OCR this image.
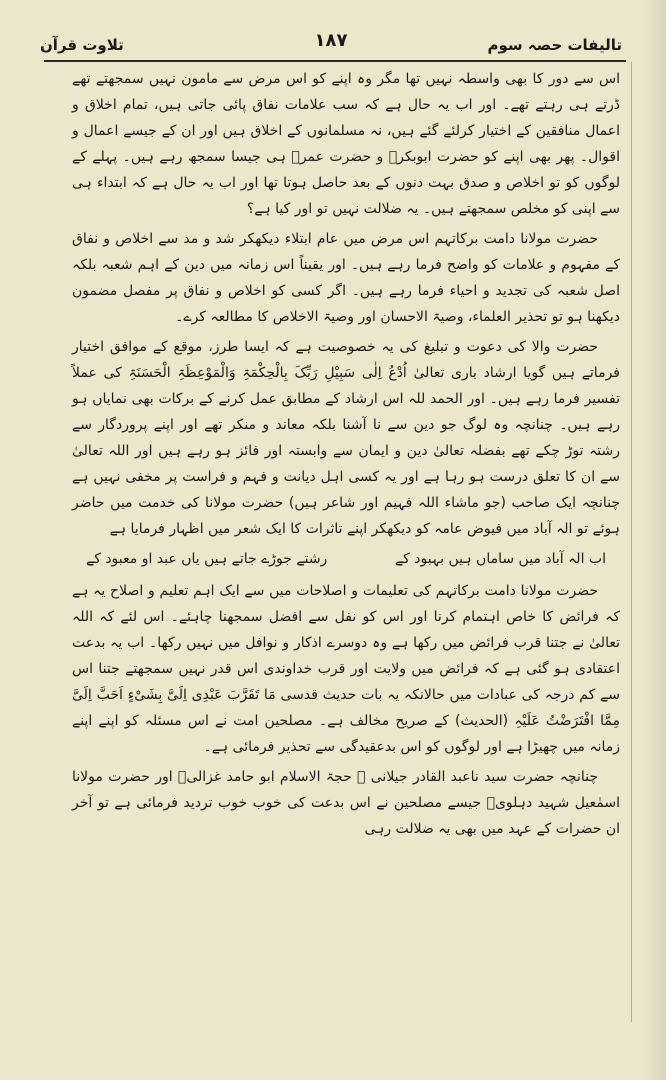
تالیفات حصہ سوم
۱۸۷
تلاوت قرآن

اس سے دور کا بھی واسطہ نہیں تھا مگر وہ اپنے کو اس مرض سے مامون نہیں سمجھتے تھے ڈرتے ہی رہتے تھے۔ اور اب یہ حال ہے کہ سب علامات نفاق پائی جاتی ہیں، تمام اخلاق و اعمال منافقین کے اختیار کرلئے گئے ہیں، نہ مسلمانوں کے اخلاق ہیں اور ان کے جیسے اعمال و اقوال۔ پھر بھی اپنے کو حضرت ابوبکرؓ و حضرت عمرؓ ہی جیسا سمجھ رہے ہیں۔ پہلے کے لوگوں کو تو اخلاص و صدق بہت دنوں کے بعد حاصل ہوتا تھا اور اب یہ حال ہے کہ ابتداء ہی سے اپنی کو مخلص سمجھتے ہیں۔ یہ ضلالت نہیں تو اور کیا ہے؟

حضرت مولانا دامت برکاتہم اس مرض میں عام ابتلاء دیکھکر شد و مد سے اخلاص و نفاق کے مفہوم و علامات کو واضح فرما رہے ہیں۔ اور یقیناً اس زمانہ میں دین کے اہم شعبہ بلکہ اصل شعبہ کی تجدید و احیاء فرما رہے ہیں۔ اگر کسی کو اخلاص و نفاق پر مفصل مضمون دیکھنا ہو تو تحذیر العلماء، وصیۃ الاحسان اور وصیۃ الاخلاص کا مطالعہ کرے۔

حضرت والا کی دعوت و تبلیغ کی یہ خصوصیت ہے کہ ایسا طرز، موقع کے موافق اختیار فرماتے ہیں گویا ارشاد باری تعالیٰ اُدْعُ اِلٰی سَبِیْلِ رَبِّکَ بِالْحِکْمَۃِ وَالْمَوْعِظَۃِ الْحَسَنَۃِ کی عملاً تفسیر فرما رہے ہیں۔ اور الحمد للہ اس ارشاد کے مطابق عمل کرنے کے برکات بھی نمایاں ہو رہے ہیں۔ چنانچہ وہ لوگ جو دین سے نا آشنا بلکہ معاند و منکر تھے اور اپنے پروردگار سے رشتہ توڑ چکے تھے بفضلہ تعالیٰ دین و ایمان سے وابستہ اور فائز ہو رہے ہیں اور اللہ تعالیٰ سے ان کا تعلق درست ہو رہا ہے اور یہ کسی اہل دیانت و فہم و فراست پر مخفی نہیں ہے چنانچہ ایک صاحب (جو ماشاء اللہ فہیم اور شاعر ہیں) حضرت مولانا کی خدمت میں حاضر ہوئے تو الہ آباد میں فیوض عامہ کو دیکھکر اپنے تاثرات کا ایک شعر میں اظہار فرمایا ہے

اب الہ آباد میں ساماں ہیں بہبود کے
رشتے جوڑے جاتے ہیں یاں عبد او معبود کے

حضرت مولانا دامت برکاتہم کی تعلیمات و اصلاحات میں سے ایک اہم تعلیم و اصلاح یہ ہے کہ فرائض کا خاص اہتمام کرنا اور اس کو نفل سے افضل سمجھنا چاہئے۔ اس لئے کہ اللہ تعالیٰ نے جتنا قرب فرائض میں رکھا ہے وہ دوسرے اذکار و نوافل میں نہیں رکھا۔ اب یہ بدعت اعتقادی ہو گئی ہے کہ فرائض میں ولایت اور قرب خداوندی اس قدر نہیں سمجھتے جتنا اس سے کم درجہ کی عبادات میں حالانکہ یہ بات حدیث قدسی مَا تَقَرَّبَ عَبْدِی اِلَیَّ بِشَیْءٍ اَحَبَّ اِلَیَّ مِمَّا افْتَرَضْتُ عَلَیْہِ (الحدیث) کے صریح مخالف ہے۔ مصلحین امت نے اس مسئلہ کو اپنے اپنے زمانہ میں چھیڑا ہے اور لوگوں کو اس بدعقیدگی سے تحذیر فرمائی ہے۔

چنانچہ حضرت سید ناعبد القادر جیلانی ؒ حجۃ الاسلام ابو حامد غزالیؒ اور حضرت مولانا اسمٰعیل شہید دہلویؒ جیسے مصلحین نے اس بدعت کی خوب خوب تردید فرمائی ہے تو آخر ان حضرات کے عہد میں بھی یہ ضلالت رہی
